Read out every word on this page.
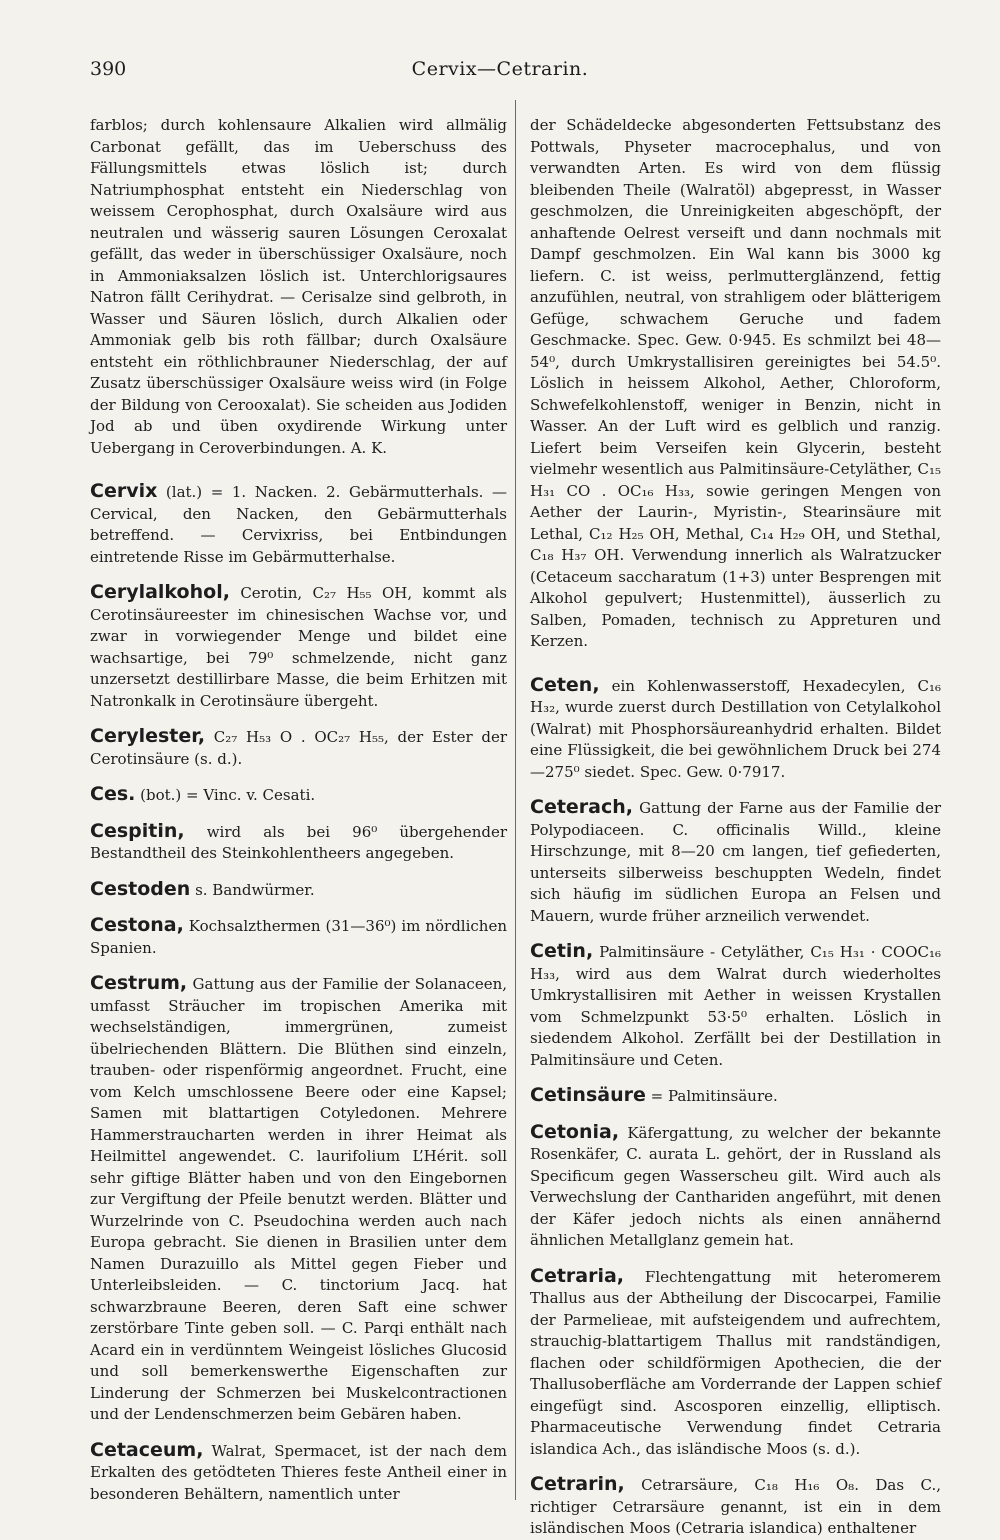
390	Cervix—Cetrarin.

farblos; durch kohlensaure Alkalien wird allmälig Carbonat gefällt, das im Ueberschuss des Fällungsmittels etwas löslich ist; durch Natriumphosphat entsteht ein Niederschlag von weissem Cerophosphat, durch Oxalsäure wird aus neutralen und wässerig sauren Lösungen Ceroxalat gefällt, das weder in überschüssiger Oxalsäure, noch in Ammoniaksalzen löslich ist. Unterchlorigsaures Natron fällt Cerihydrat. — Cerisalze sind gelbroth, in Wasser und Säuren löslich, durch Alkalien oder Ammoniak gelb bis roth fällbar; durch Oxalsäure entsteht ein röthlichbrauner Niederschlag, der auf Zusatz überschüssiger Oxalsäure weiss wird (in Folge der Bildung von Cerooxalat). Sie scheiden aus Jodiden Jod ab und üben oxydirende Wirkung unter Uebergang in Ceroverbindungen. A. K.

Cervix (lat.) = 1. Nacken. 2. Gebärmutterhals. — Cervical, den Nacken, den Gebärmutterhals betreffend. — Cervixriss, bei Entbindungen eintretende Risse im Gebärmutterhalse.

Cerylalkohol, Cerotin, C₂₇ H₅₅ OH, kommt als Cerotinsäureester im chinesischen Wachse vor, und zwar in vorwiegender Menge und bildet eine wachsartige, bei 79⁰ schmelzende, nicht ganz unzersetzt destillirbare Masse, die beim Erhitzen mit Natronkalk in Cerotinsäure übergeht.

Cerylester, C₂₇ H₅₃ O . OC₂₇ H₅₅, der Ester der Cerotinsäure (s. d.).

Ces. (bot.) = Vinc. v. Cesati.

Cespitin, wird als bei 96⁰ übergehender Bestandtheil des Steinkohlentheers angegeben.

Cestoden s. Bandwürmer.

Cestona, Kochsalzthermen (31—36⁰) im nördlichen Spanien.

Cestrum, Gattung aus der Familie der Solanaceen, umfasst Sträucher im tropischen Amerika mit wechselständigen, immergrünen, zumeist übelriechenden Blättern. Die Blüthen sind einzeln, trauben- oder rispenförmig angeordnet. Frucht, eine vom Kelch umschlossene Beere oder eine Kapsel; Samen mit blattartigen Cotyledonen. Mehrere Hammerstraucharten werden in ihrer Heimat als Heilmittel angewendet. C. laurifolium L’Hérit. soll sehr giftige Blätter haben und von den Eingebornen zur Vergiftung der Pfeile benutzt werden. Blätter und Wurzelrinde von C. Pseudochina werden auch nach Europa gebracht. Sie dienen in Brasilien unter dem Namen Durazuillo als Mittel gegen Fieber und Unterleibsleiden. — C. tinctorium Jacq. hat schwarzbraune Beeren, deren Saft eine schwer zerstörbare Tinte geben soll. — C. Parqi enthält nach Acard ein in verdünntem Weingeist lösliches Glucosid und soll bemerkenswerthe Eigenschaften zur Linderung der Schmerzen bei Muskelcontractionen und der Lendenschmerzen beim Gebären haben.

Cetaceum, Walrat, Spermacet, ist der nach dem Erkalten des getödteten Thieres feste Antheil einer in besonderen Behältern, namentlich unter

der Schädeldecke abgesonderten Fettsubstanz des Pottwals, Physeter macrocephalus, und von verwandten Arten. Es wird von dem flüssig bleibenden Theile (Walratöl) abgepresst, in Wasser geschmolzen, die Unreinigkeiten abgeschöpft, der anhaftende Oelrest verseift und dann nochmals mit Dampf geschmolzen. Ein Wal kann bis 3000 kg liefern. C. ist weiss, perlmutterglänzend, fettig anzufühlen, neutral, von strahligem oder blätterigem Gefüge, schwachem Geruche und fadem Geschmacke. Spec. Gew. 0·945. Es schmilzt bei 48—54⁰, durch Umkrystallisiren gereinigtes bei 54.5⁰. Löslich in heissem Alkohol, Aether, Chloroform, Schwefelkohlenstoff, weniger in Benzin, nicht in Wasser. An der Luft wird es gelblich und ranzig. Liefert beim Verseifen kein Glycerin, besteht vielmehr wesentlich aus Palmitinsäure-Cetyläther, C₁₅ H₃₁ CO . OC₁₆ H₃₃, sowie geringen Mengen von Aether der Laurin-, Myristin-, Stearinsäure mit Lethal, C₁₂ H₂₅ OH, Methal, C₁₄ H₂₉ OH, und Stethal, C₁₈ H₃₇ OH. Verwendung innerlich als Walratzucker (Cetaceum saccharatum (1+3) unter Besprengen mit Alkohol gepulvert; Hustenmittel), äusserlich zu Salben, Pomaden, technisch zu Appreturen und Kerzen.

Ceten, ein Kohlenwasserstoff, Hexadecylen, C₁₆ H₃₂, wurde zuerst durch Destillation von Cetylalkohol (Walrat) mit Phosphorsäureanhydrid erhalten. Bildet eine Flüssigkeit, die bei gewöhnlichem Druck bei 274—275⁰ siedet. Spec. Gew. 0·7917.

Ceterach, Gattung der Farne aus der Familie der Polypodiaceen. C. officinalis Willd., kleine Hirschzunge, mit 8—20 cm langen, tief gefiederten, unterseits silberweiss beschuppten Wedeln, findet sich häufig im südlichen Europa an Felsen und Mauern, wurde früher arzneilich verwendet.

Cetin, Palmitinsäure - Cetyläther, C₁₅ H₃₁ · COOC₁₆ H₃₃, wird aus dem Walrat durch wiederholtes Umkrystallisiren mit Aether in weissen Krystallen vom Schmelzpunkt 53·5⁰ erhalten. Löslich in siedendem Alkohol. Zerfällt bei der Destillation in Palmitinsäure und Ceten.

Cetinsäure = Palmitinsäure.

Cetonia, Käfergattung, zu welcher der bekannte Rosenkäfer, C. aurata L. gehört, der in Russland als Specificum gegen Wasserscheu gilt. Wird auch als Verwechslung der Canthariden angeführt, mit denen der Käfer jedoch nichts als einen annähernd ähnlichen Metallglanz gemein hat.

Cetraria, Flechtengattung mit heteromerem Thallus aus der Abtheilung der Discocarpei, Familie der Parmelieae, mit aufsteigendem und aufrechtem, strauchig-blattartigem Thallus mit randständigen, flachen oder schildförmigen Apothecien, die der Thallusoberfläche am Vorderrande der Lappen schief eingefügt sind. Ascosporen einzellig, elliptisch. Pharmaceutische Verwendung findet Cetraria islandica Ach., das isländische Moos (s. d.).

Cetrarin, Cetrarsäure, C₁₈ H₁₆ O₈. Das C., richtiger Cetrarsäure genannt, ist ein in dem isländischen Moos (Cetraria islandica) enthaltener
